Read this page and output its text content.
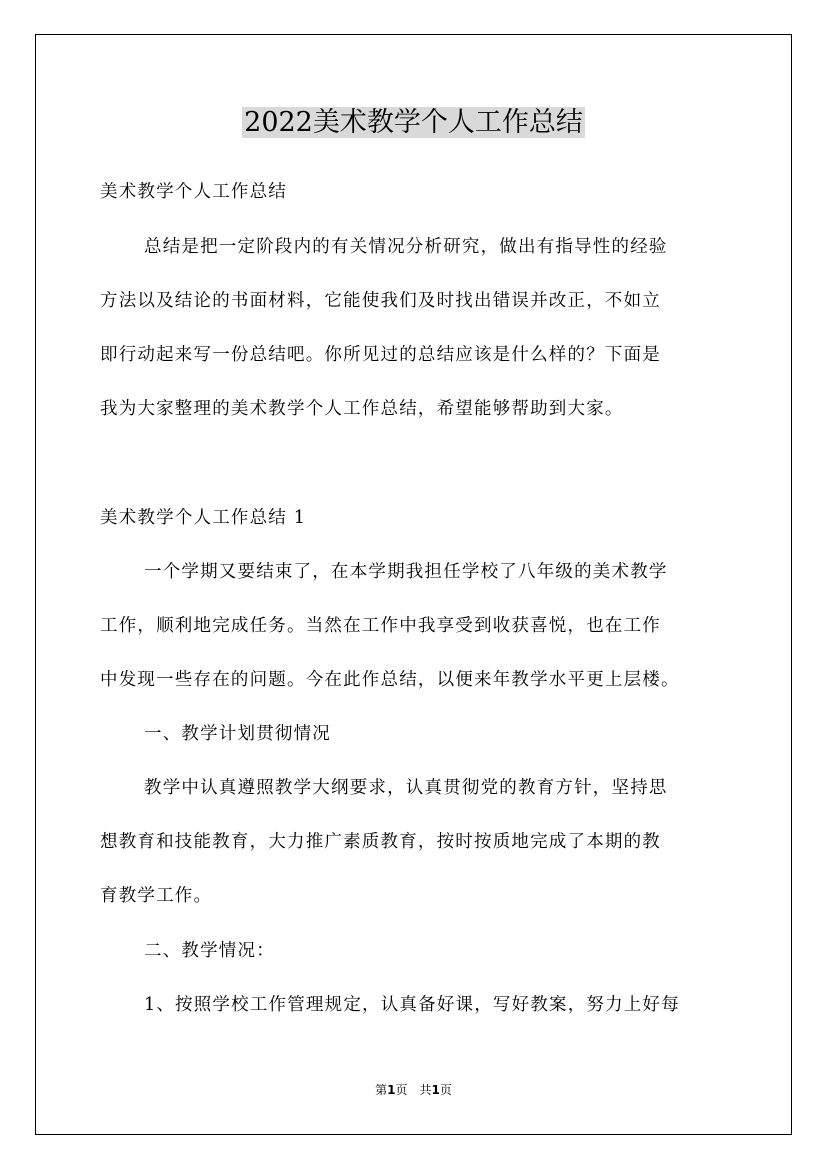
2022美术教学个人工作总结
美术教学个人工作总结
总结是把一定阶段内的有关情况分析研究，做出有指导性的经验
方法以及结论的书面材料，它能使我们及时找出错误并改正，不如立
即行动起来写一份总结吧。你所见过的总结应该是什么样的？下面是
我为大家整理的美术教学个人工作总结，希望能够帮助到大家。
美术教学个人工作总结 1
一个学期又要结束了，在本学期我担任学校了八年级的美术教学
工作，顺利地完成任务。当然在工作中我享受到收获喜悦，也在工作
中发现一些存在的问题。今在此作总结，以便来年教学水平更上层楼。
一、教学计划贯彻情况
教学中认真遵照教学大纲要求，认真贯彻党的教育方针，坚持思
想教育和技能教育，大力推广素质教育，按时按质地完成了本期的教
育教学工作。
二、教学情况：
1、按照学校工作管理规定，认真备好课，写好教案，努力上好每
第1页　共1页
